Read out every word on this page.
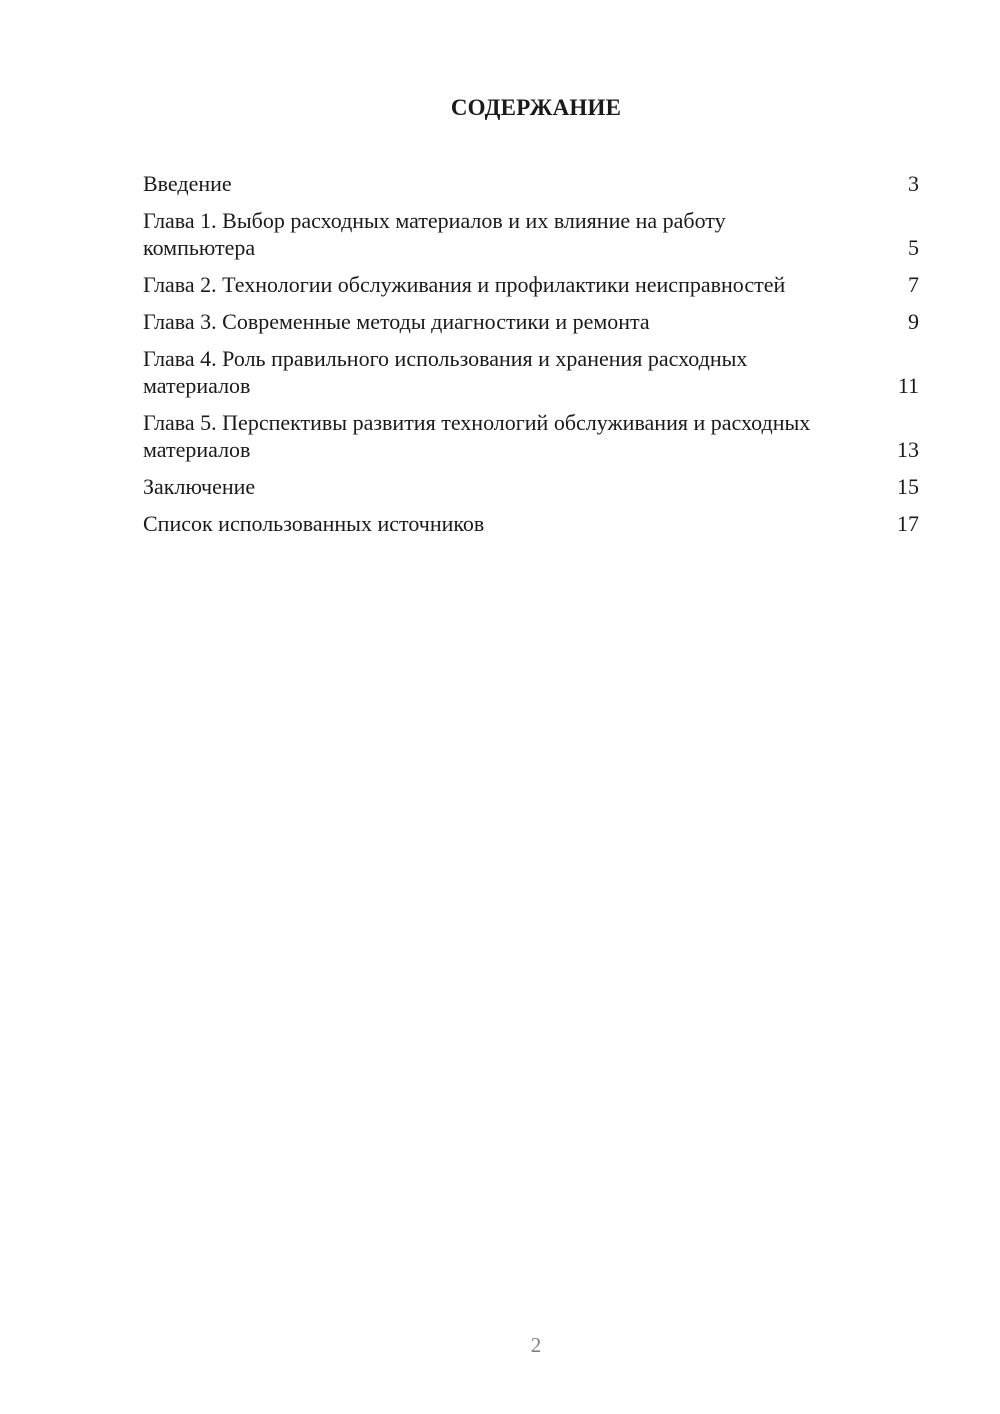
СОДЕРЖАНИЕ
Введение	3
Глава 1. Выбор расходных материалов и их влияние на работу компьютера	5
Глава 2. Технологии обслуживания и профилактики неисправностей	7
Глава 3. Современные методы диагностики и ремонта	9
Глава 4. Роль правильного использования и хранения расходных материалов	11
Глава 5. Перспективы развития технологий обслуживания и расходных материалов	13
Заключение	15
Список использованных источников	17
2
